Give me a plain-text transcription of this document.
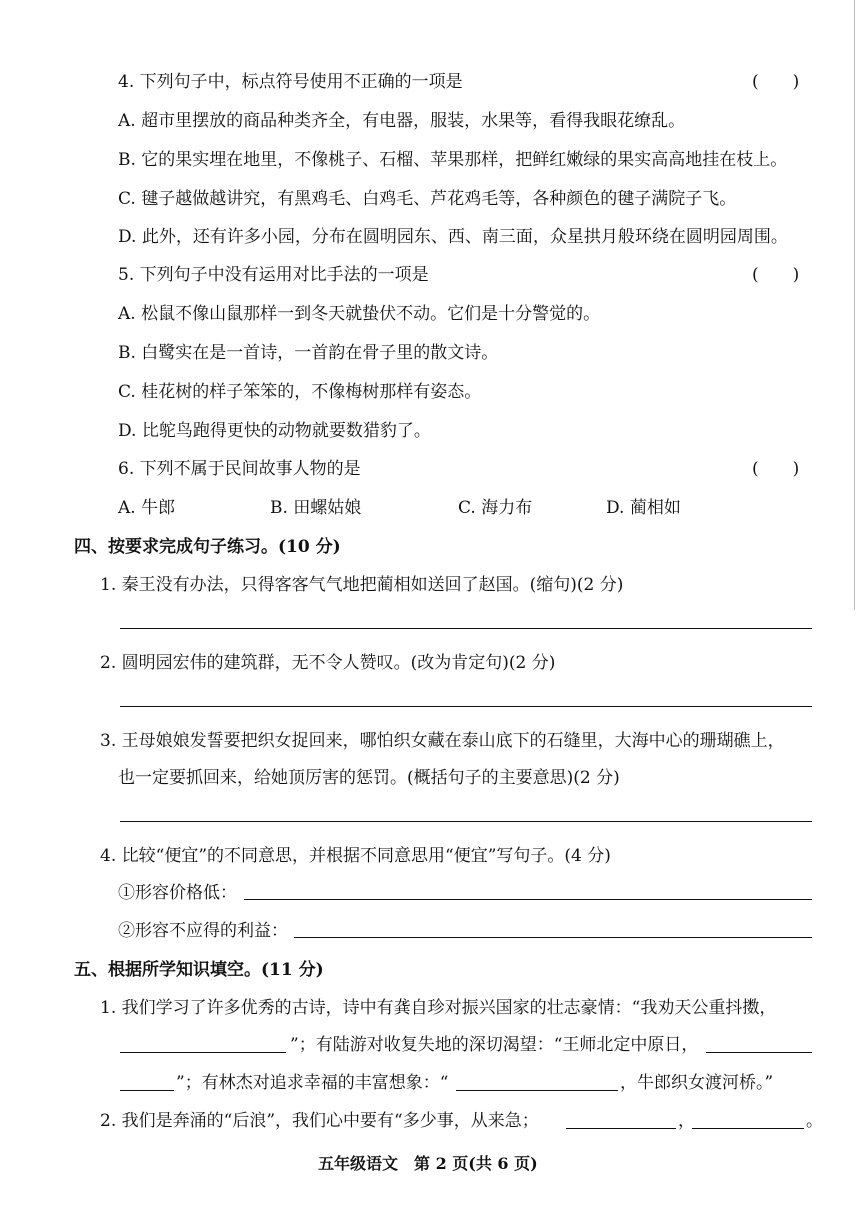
4. 下列句子中，标点符号使用不正确的一项是	(　　)
A. 超市里摆放的商品种类齐全，有电器，服装，水果等，看得我眼花缭乱。
B. 它的果实埋在地里，不像桃子、石榴、苹果那样，把鲜红嫩绿的果实高高地挂在枝上。
C. 毽子越做越讲究，有黑鸡毛、白鸡毛、芦花鸡毛等，各种颜色的毽子满院子飞。
D. 此外，还有许多小园，分布在圆明园东、西、南三面，众星拱月般环绕在圆明园周围。
5. 下列句子中没有运用对比手法的一项是	(　　)
A. 松鼠不像山鼠那样一到冬天就蛰伏不动。它们是十分警觉的。
B. 白鹭实在是一首诗，一首韵在骨子里的散文诗。
C. 桂花树的样子笨笨的，不像梅树那样有姿态。
D. 比鸵鸟跑得更快的动物就要数猎豹了。
6. 下列不属于民间故事人物的是	(　　)
A. 牛郎	B. 田螺姑娘	C. 海力布	D. 蔺相如
四、按要求完成句子练习。(10 分)
1. 秦王没有办法，只得客客气气地把蔺相如送回了赵国。(缩句)(2 分)
2. 圆明园宏伟的建筑群，无不令人赞叹。(改为肯定句)(2 分)
3. 王母娘娘发誓要把织女捉回来，哪怕织女藏在泰山底下的石缝里，大海中心的珊瑚礁上，
也一定要抓回来，给她顶厉害的惩罚。(概括句子的主要意思)(2 分)
4. 比较“便宜”的不同意思，并根据不同意思用“便宜”写句子。(4 分)
①形容价格低：
②形容不应得的利益：
五、根据所学知识填空。(11 分)
1. 我们学习了许多优秀的古诗，诗中有龚自珍对振兴国家的壮志豪情：“我劝天公重抖擞，
”；有陆游对收复失地的深切渴望：“王师北定中原日，
”；有林杰对追求幸福的丰富想象：“	，牛郎织女渡河桥。”
2. 我们是奔涌的“后浪”，我们心中要有“多少事，从来急；	，	。
五年级语文　第 2 页(共 6 页)
